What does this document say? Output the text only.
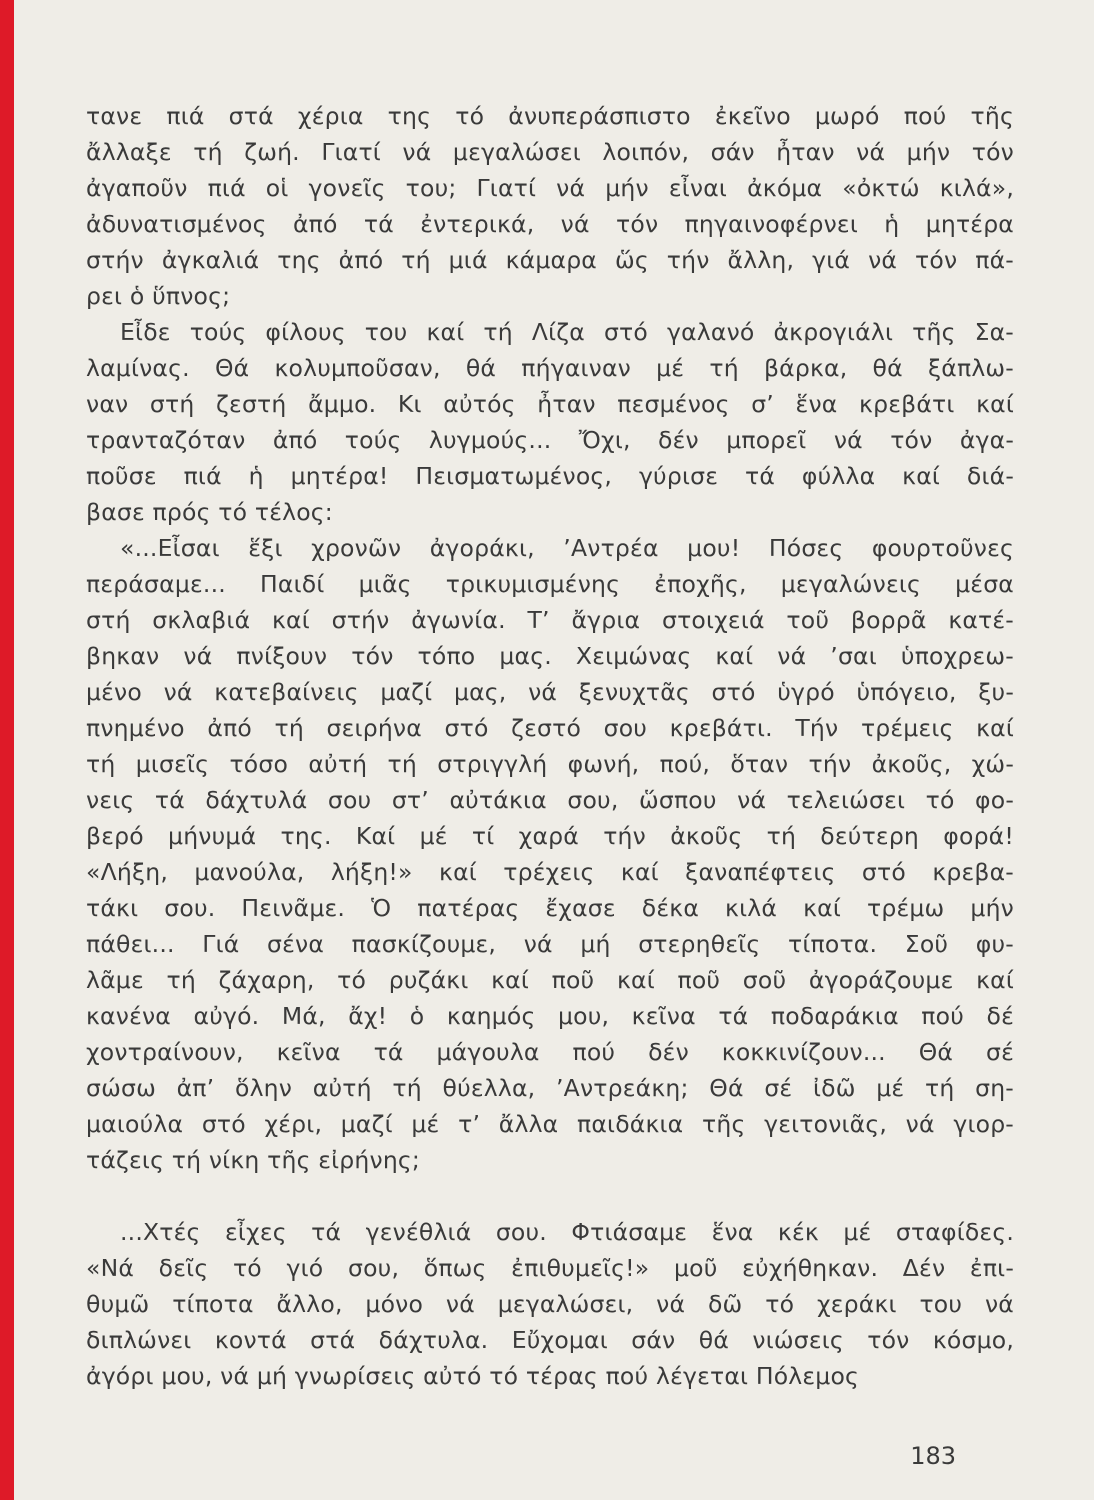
τανε πιά στά χέρια της τό ἀνυπεράσπιστο ἐκεῖνο μωρό πού τῆς
ἄλλαξε τή ζωή. Γιατί νά μεγαλώσει λοιπόν, σάν ἦταν νά μήν τόν
ἀγαποῦν πιά οἱ γονεῖς του; Γιατί νά μήν εἶναι ἀκόμα «ὀκτώ κιλά»,
ἀδυνατισμένος ἀπό τά ἐντερικά, νά τόν πηγαινοφέρνει ἡ μητέρα
στήν ἀγκαλιά της ἀπό τή μιά κάμαρα ὥς τήν ἄλλη, γιά νά τόν πά-
ρει ὁ ὕπνος;
Εἶδε τούς φίλους του καί τή Λίζα στό γαλανό ἀκρογιάλι τῆς Σα-
λαμίνας. Θά κολυμποῦσαν, θά πήγαιναν μέ τή βάρκα, θά ξάπλω-
ναν στή ζεστή ἄμμο. Κι αὐτός ἦταν πεσμένος σ’ ἕνα κρεβάτι καί
τρανταζόταν ἀπό τούς λυγμούς... Ὄχι, δέν μπορεῖ νά τόν ἀγα-
ποῦσε πιά ἡ μητέρα! Πεισματωμένος, γύρισε τά φύλλα καί διά-
βασε πρός τό τέλος:
«...Εἶσαι ἕξι χρονῶν ἀγοράκι, ’Αντρέα μου! Πόσες φουρτοῦνες
περάσαμε... Παιδί μιᾶς τρικυμισμένης ἐποχῆς, μεγαλώνεις μέσα
στή σκλαβιά καί στήν ἀγωνία. Τ’ ἄγρια στοιχειά τοῦ βορρᾶ κατέ-
βηκαν νά πνίξουν τόν τόπο μας. Χειμώνας καί νά ’σαι ὑποχρεω-
μένο νά κατεβαίνεις μαζί μας, νά ξενυχτᾶς στό ὑγρό ὑπόγειο, ξυ-
πνημένο ἀπό τή σειρήνα στό ζεστό σου κρεβάτι. Τήν τρέμεις καί
τή μισεῖς τόσο αὐτή τή στριγγλή φωνή, πού, ὅταν τήν ἀκοῦς, χώ-
νεις τά δάχτυλά σου στ’ αὐτάκια σου, ὥσπου νά τελειώσει τό φο-
βερό μήνυμά της. Καί μέ τί χαρά τήν ἀκοῦς τή δεύτερη φορά!
«Λήξη, μανούλα, λήξη!» καί τρέχεις καί ξαναπέφτεις στό κρεβα-
τάκι σου. Πεινᾶμε. Ὁ πατέρας ἔχασε δέκα κιλά καί τρέμω μήν
πάθει... Γιά σένα πασκίζουμε, νά μή στερηθεῖς τίποτα. Σοῦ φυ-
λᾶμε τή ζάχαρη, τό ρυζάκι καί ποῦ καί ποῦ σοῦ ἀγοράζουμε καί
κανένα αὐγό. Μά, ἄχ! ὁ καημός μου, κεῖνα τά ποδαράκια πού δέ
χοντραίνουν, κεῖνα τά μάγουλα πού δέν κοκκινίζουν... Θά σέ
σώσω ἀπ’ ὅλην αὐτή τή θύελλα, ’Αντρεάκη; Θά σέ ἰδῶ μέ τή ση-
μαιούλα στό χέρι, μαζί μέ τ’ ἄλλα παιδάκια τῆς γειτονιᾶς, νά γιορ-
τάζεις τή νίκη τῆς εἰρήνης;
...Χτές εἶχες τά γενέθλιά σου. Φτιάσαμε ἕνα κέκ μέ σταφίδες.
«Νά δεῖς τό γιό σου, ὅπως ἐπιθυμεῖς!» μοῦ εὐχήθηκαν. Δέν ἐπι-
θυμῶ τίποτα ἄλλο, μόνο νά μεγαλώσει, νά δῶ τό χεράκι του νά
διπλώνει κοντά στά δάχτυλα. Εὔχομαι σάν θά νιώσεις τόν κόσμο,
ἀγόρι μου, νά μή γνωρίσεις αὐτό τό τέρας πού λέγεται Πόλεμος
183
